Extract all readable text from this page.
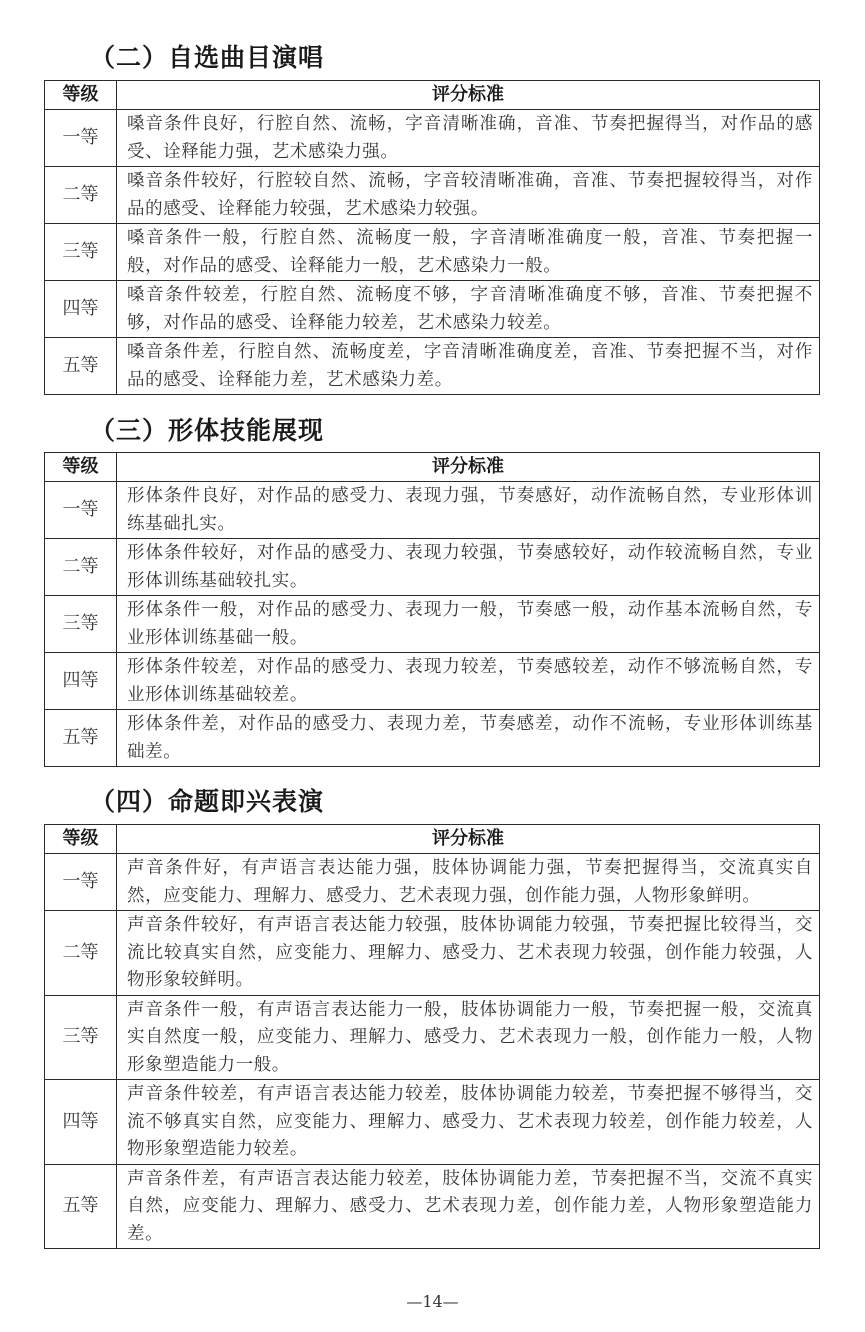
（二）自选曲目演唱
等级	评分标准
一等	嗓音条件良好，行腔自然、流畅，字音清晰准确，音准、节奏把握得当，对作品的感受、诠释能力强，艺术感染力强。
二等	嗓音条件较好，行腔较自然、流畅，字音较清晰准确，音准、节奏把握较得当，对作品的感受、诠释能力较强，艺术感染力较强。
三等	嗓音条件一般，行腔自然、流畅度一般，字音清晰准确度一般，音准、节奏把握一般，对作品的感受、诠释能力一般，艺术感染力一般。
四等	嗓音条件较差，行腔自然、流畅度不够，字音清晰准确度不够，音准、节奏把握不够，对作品的感受、诠释能力较差，艺术感染力较差。
五等	嗓音条件差，行腔自然、流畅度差，字音清晰准确度差，音准、节奏把握不当，对作品的感受、诠释能力差，艺术感染力差。
（三）形体技能展现
等级	评分标准
一等	形体条件良好，对作品的感受力、表现力强，节奏感好，动作流畅自然，专业形体训练基础扎实。
二等	形体条件较好，对作品的感受力、表现力较强，节奏感较好，动作较流畅自然，专业形体训练基础较扎实。
三等	形体条件一般，对作品的感受力、表现力一般，节奏感一般，动作基本流畅自然，专业形体训练基础一般。
四等	形体条件较差，对作品的感受力、表现力较差，节奏感较差，动作不够流畅自然，专业形体训练基础较差。
五等	形体条件差，对作品的感受力、表现力差，节奏感差，动作不流畅，专业形体训练基础差。
（四）命题即兴表演
等级	评分标准
一等	声音条件好，有声语言表达能力强，肢体协调能力强，节奏把握得当，交流真实自然，应变能力、理解力、感受力、艺术表现力强，创作能力强，人物形象鲜明。
二等	声音条件较好，有声语言表达能力较强，肢体协调能力较强，节奏把握比较得当，交流比较真实自然，应变能力、理解力、感受力、艺术表现力较强，创作能力较强，人物形象较鲜明。
三等	声音条件一般，有声语言表达能力一般，肢体协调能力一般，节奏把握一般，交流真实自然度一般，应变能力、理解力、感受力、艺术表现力一般，创作能力一般，人物形象塑造能力一般。
四等	声音条件较差，有声语言表达能力较差，肢体协调能力较差，节奏把握不够得当，交流不够真实自然，应变能力、理解力、感受力、艺术表现力较差，创作能力较差，人物形象塑造能力较差。
五等	声音条件差，有声语言表达能力较差，肢体协调能力差，节奏把握不当，交流不真实自然，应变能力、理解力、感受力、艺术表现力差，创作能力差，人物形象塑造能力差。
—14—
